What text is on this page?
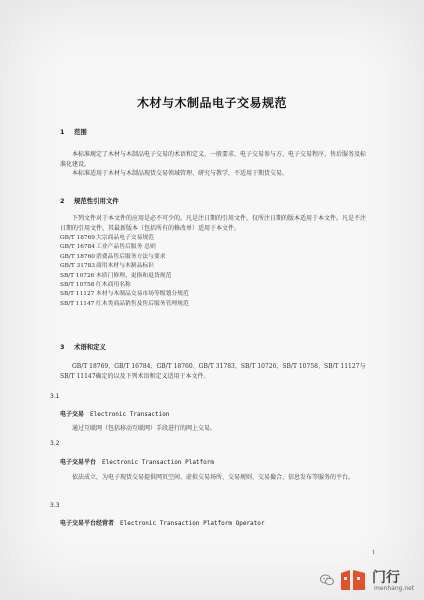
木材与木制品电子交易规范
1 范围
本标准规定了木材与木制品电子交易的术语和定义、一般要求、电子交易参与方、电子交易程序、售后服务及标准化建设。
本标准适用于木材与木制品现货交易领域管理、研究与教学，不适用于期货交易。
2 规范性引用文件
下列文件对于本文件的应用是必不可少的。凡是注日期的引用文件，仅所注日期的版本适用于本文件。凡是不注日期的引用文件，其最新版本（包括所有的修改单）适用于本文件。
GB/T 18769大宗商品电子交易规范
GB/T 16784工业产品售后服务 总则
GB/T 18760消费品售后服务方法与要求
GB/T 31783商用木材与木制品标识
SB/T 10726 木质门修理、更换和退货规范
SB/T 10758 红木商用名称
SB/T 11127 木材与木制品交易市场等级划分规范
SB/T 11147 红木类商品销售及售后服务管理规范
3 术语和定义
GB/T 18769、GB/T 16784、GB/T 18760、GB/T 31783、SB/T 10726、SB/T 10758、SB/T 11127与SB/T 11147确定的以及下列术语和定义适用于本文件。
3.1
电子交易 Electronic Transaction
通过互联网（包括移动互联网）手段进行的网上交易。
3.2
电子交易平台 Electronic Transaction Platform
依法成立，为电子现货交易提供网页空间、虚拟交易场所、交易规则、交易撮合、信息发布等服务的平台。
3.3
电子交易平台经营者 Electronic Transaction Platform Operator
1
门行
menhang.net
